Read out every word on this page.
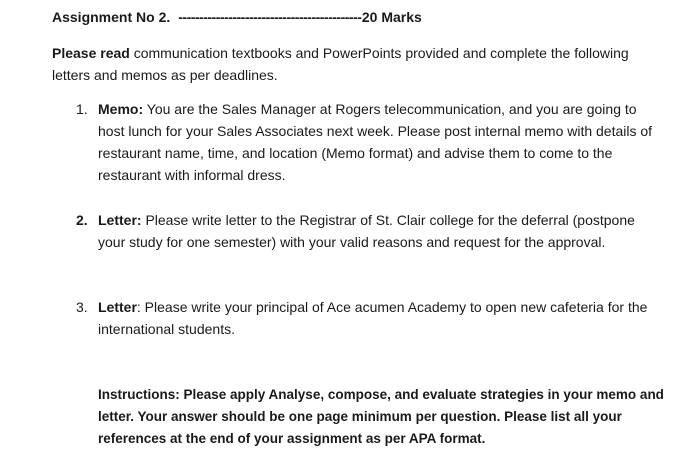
Assignment No 2. --------------------------------------------20 Marks
Please read communication textbooks and PowerPoints provided and complete the following letters and memos as per deadlines.
1. Memo: You are the Sales Manager at Rogers telecommunication, and you are going to host lunch for your Sales Associates next week. Please post internal memo with details of restaurant name, time, and location (Memo format) and advise them to come to the restaurant with informal dress.
2. Letter: Please write letter to the Registrar of St. Clair college for the deferral (postpone your study for one semester) with your valid reasons and request for the approval.
3. Letter: Please write your principal of Ace acumen Academy to open new cafeteria for the international students.
Instructions: Please apply Analyse, compose, and evaluate strategies in your memo and letter. Your answer should be one page minimum per question. Please list all your references at the end of your assignment as per APA format.
